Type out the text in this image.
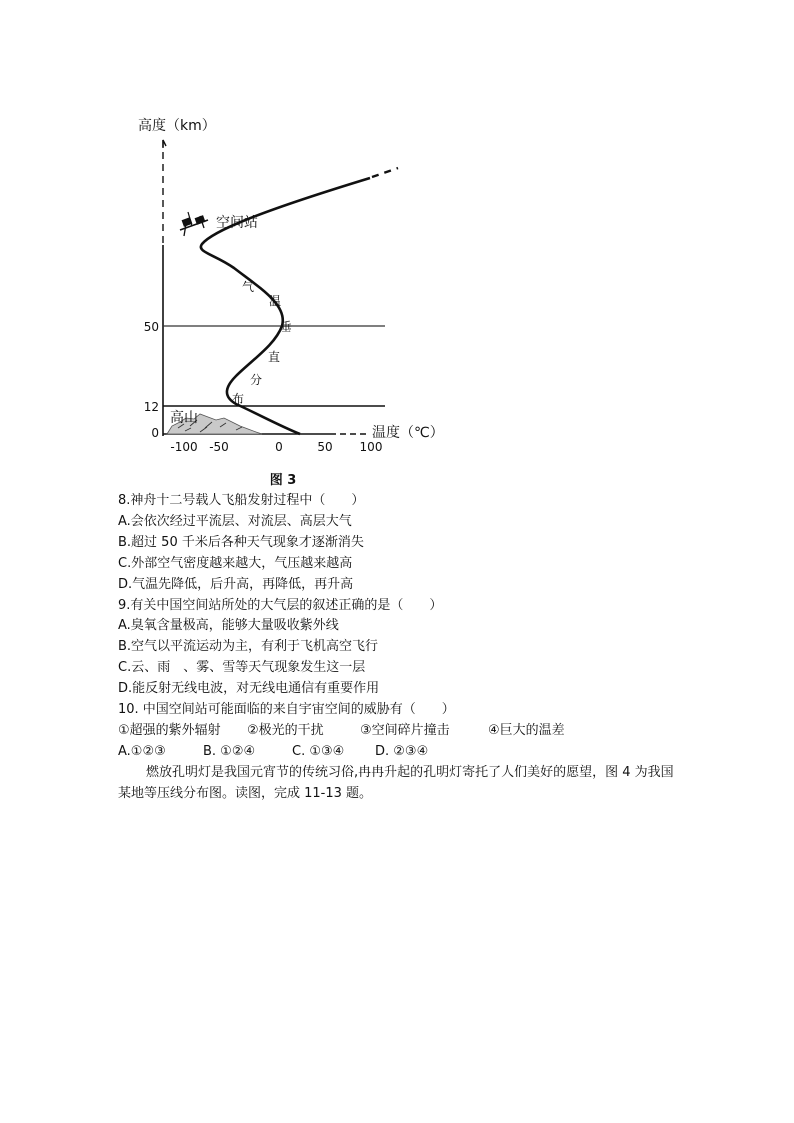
高度（km）
温度（℃）
50
12
0
-100 -50	0	50 100
气
温
垂
直
分
布
空间站
高山
图 3
8.神舟十二号载人飞船发射过程中（　　）
A.会依次经过平流层、对流层、高层大气
B.超过 50 千米后各种天气现象才逐渐消失
C.外部空气密度越来越大，气压越来越高
D.气温先降低，后升高，再降低，再升高
9.有关中国空间站所处的大气层的叙述正确的是（　　）
A.臭氧含量极高，能够大量吸收紫外线
B.空气以平流运动为主，有利于飞机高空飞行
C.云、雨　、雾、雪等天气现象发生这一层
D.能反射无线电波，对无线电通信有重要作用
10. 中国空间站可能面临的来自宇宙空间的威胁有（　　）
①超强的紫外辐射 ②极光的干扰	③空间碎片撞击	④巨大的温差
A.①②③	B. ①②④	C. ①③④ D. ②③④
燃放孔明灯是我国元宵节的传统习俗,冉冉升起的孔明灯寄托了人们美好的愿望，图 4 为我国某地等压线分布图。读图，完成 11-13 题。
